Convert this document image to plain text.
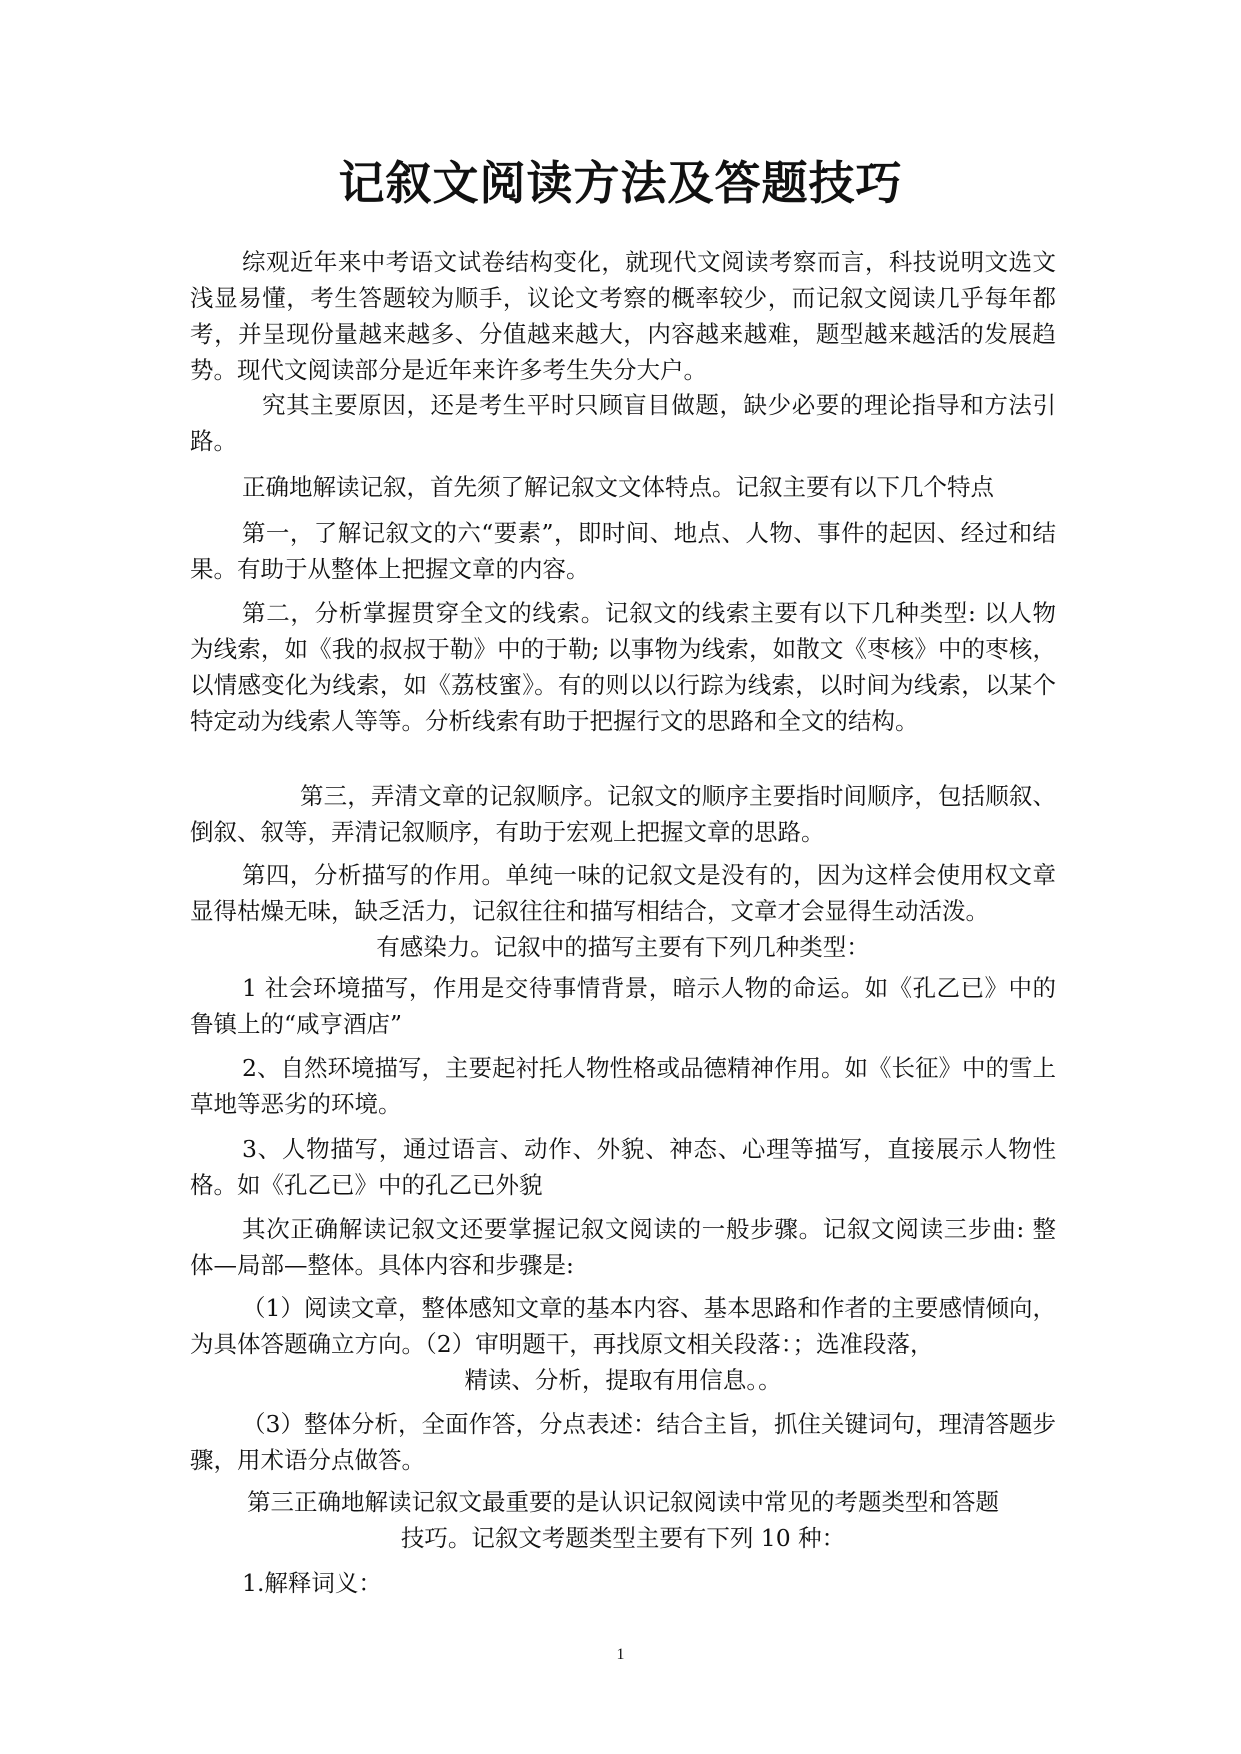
记叙文阅读方法及答题技巧

综观近年来中考语文试卷结构变化，就现代文阅读考察而言，科技说明文选文浅显易懂，考生答题较为顺手，议论文考察的概率较少，而记叙文阅读几乎每年都考，并呈现份量越来越多、分值越来越大，内容越来越难，题型越来越活的发展趋势。现代文阅读部分是近年来许多考生失分大户。

究其主要原因，还是考生平时只顾盲目做题，缺少必要的理论指导和方法引路。

正确地解读记叙，首先须了解记叙文文体特点。记叙主要有以下几个特点

第一，了解记叙文的六“要素”，即时间、地点、人物、事件的起因、经过和结果。有助于从整体上把握文章的内容。

第二，分析掌握贯穿全文的线索。记叙文的线索主要有以下几种类型: 以人物为线索，如《我的叔叔于勒》中的于勒; 以事物为线索，如散文《枣核》中的枣核，以情感变化为线索，如《荔枝蜜》。有的则以以行踪为线索，以时间为线索，以某个特定动为线索人等等。分析线索有助于把握行文的思路和全文的结构。

第三，弄清文章的记叙顺序。记叙文的顺序主要指时间顺序，包括顺叙、倒叙、叙等，弄清记叙顺序，有助于宏观上把握文章的思路。

第四，分析描写的作用。单纯一味的记叙文是没有的，因为这样会使用权文章显得枯燥无味，缺乏活力，记叙往往和描写相结合，文章才会显得生动活泼。
有感染力。记叙中的描写主要有下列几种类型：

1 社会环境描写，作用是交待事情背景，暗示人物的命运。如《孔乙已》中的鲁镇上的“咸亨酒店”

2、自然环境描写，主要起衬托人物性格或品德精神作用。如《长征》中的雪上草地等恶劣的环境。

3、人物描写，通过语言、动作、外貌、神态、心理等描写，直接展示人物性格。如《孔乙已》中的孔乙已外貌

其次正确解读记叙文还要掌握记叙文阅读的一般步骤。记叙文阅读三步曲: 整体—局部—整体。具体内容和步骤是:

（1）阅读文章，整体感知文章的基本内容、基本思路和作者的主要感情倾向，为具体答题确立方向。（2）审明题干，再找原文相关段落：；选准段落，
精读、分析，提取有用信息。。

（3）整体分析，全面作答，分点表述：结合主旨，抓住关键词句，理清答题步骤，用术语分点做答。

第三正确地解读记叙文最重要的是认识记叙阅读中常见的考题类型和答题
技巧。记叙文考题类型主要有下列 10 种：

1.解释词义：

1
